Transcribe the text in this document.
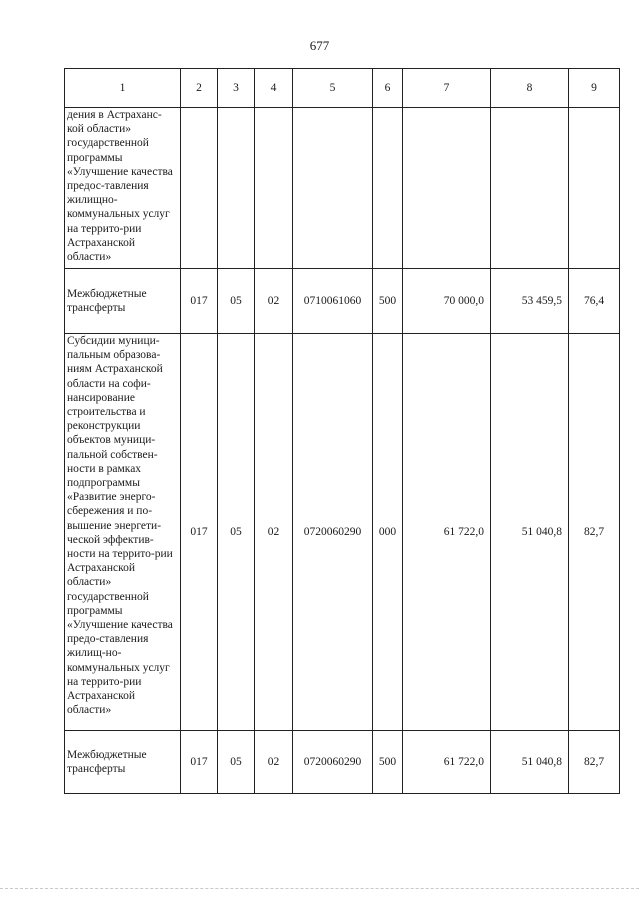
677
1	2	3	4	5	6	7	8	9
дения в Астраханс-кой области» государственной программы «Улучшение качества предос-тавления жилищно-коммунальных услуг на террито-рии Астраханской области»								
Межбюджетные трансферты	017	05	02	0710061060	500	70 000,0	53 459,5	76,4
Субсидии муници-пальным образова-ниям Астраханской области на софи-нансирование строительства и реконструкции объектов муници-пальной собствен-ности в рамках подпрограммы «Развитие энерго-сбережения и по-вышение энергети-ческой эффектив-ности на террито-рии Астраханской области» государственной программы «Улучшение качества предо-ставления жилищ-но-коммунальных услуг на террито-рии Астраханской области»	017	05	02	0720060290	000	61 722,0	51 040,8	82,7
Межбюджетные трансферты	017	05	02	0720060290	500	61 722,0	51 040,8	82,7
